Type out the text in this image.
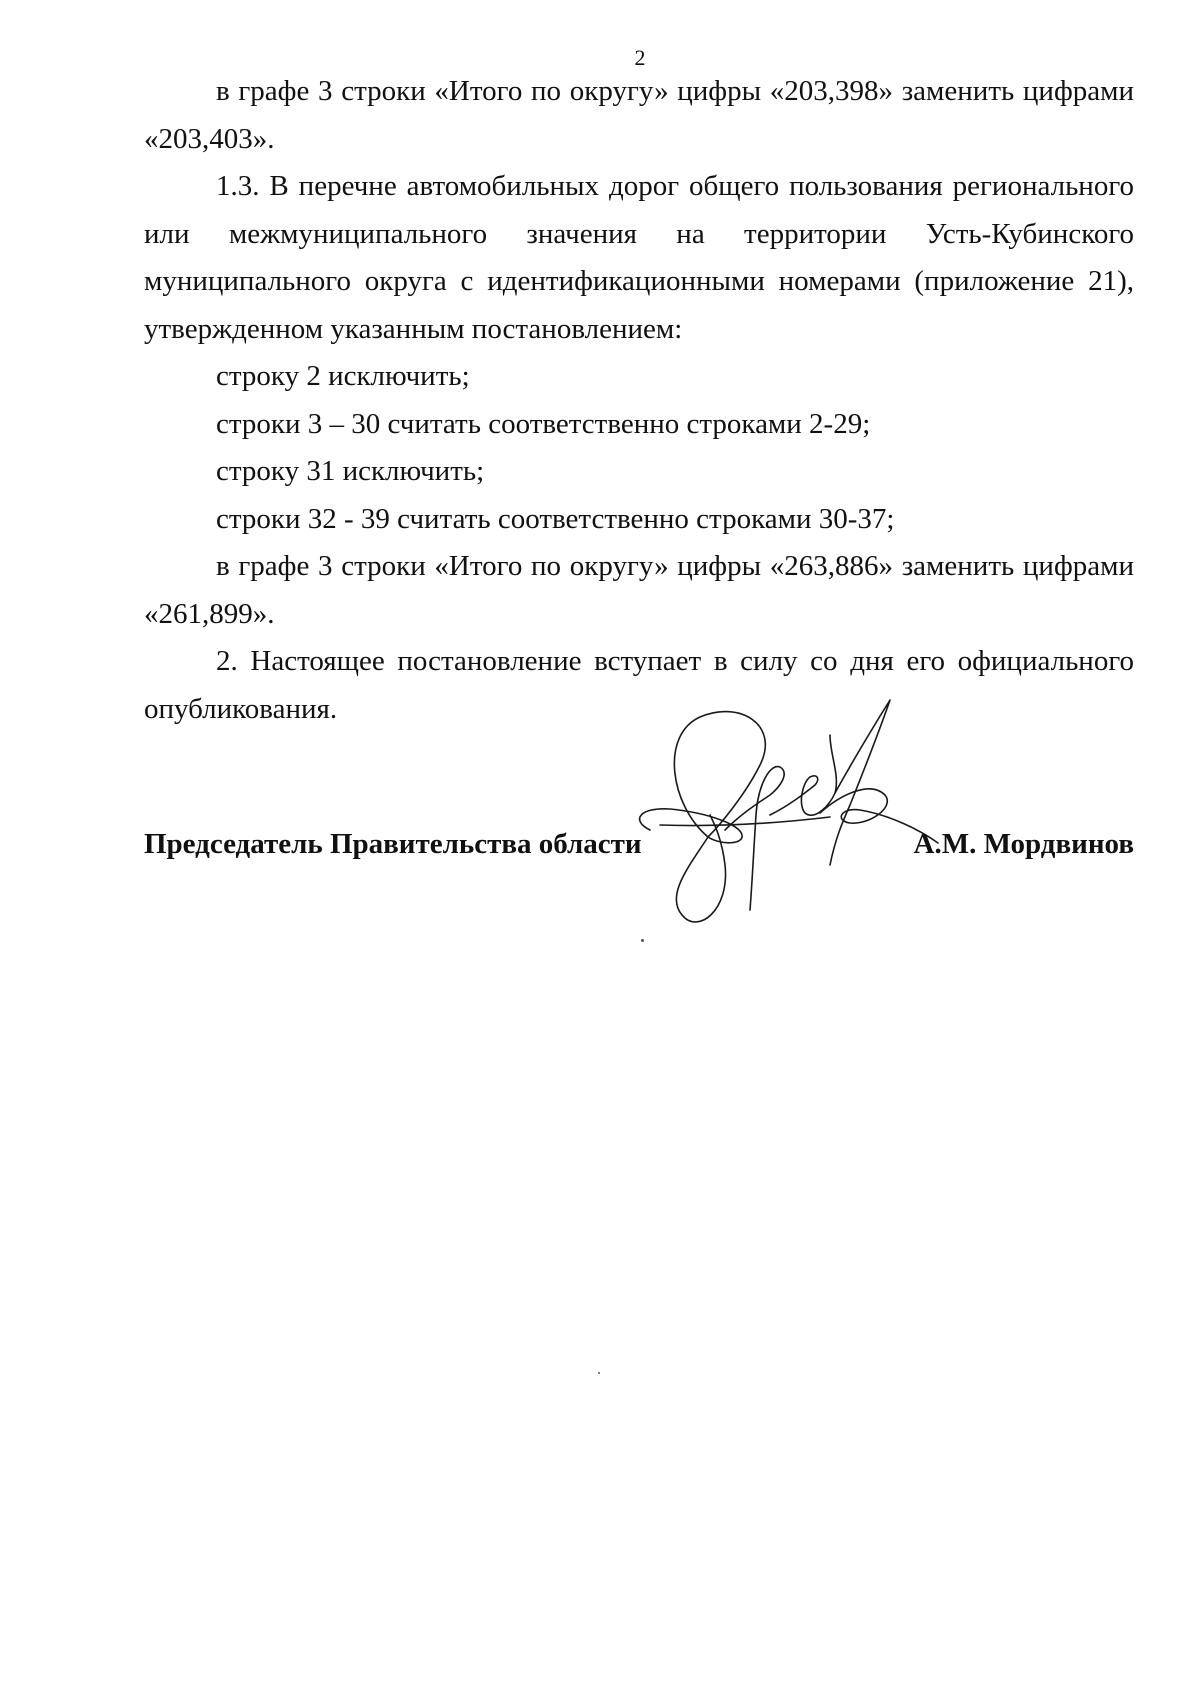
2

в графе 3 строки «Итого по округу» цифры «203,398» заменить цифрами «203,403».

1.3. В перечне автомобильных дорог общего пользования регионального или межмуниципального значения на территории Усть-Кубинского муниципального округа с идентификационными номерами (приложение 21), утвержденном указанным постановлением:

строку 2 исключить;

строки 3 – 30 считать соответственно строками 2-29;

строку 31 исключить;

строки 32 - 39 считать соответственно строками 30-37;

в графе 3 строки «Итого по округу» цифры «263,886» заменить цифрами «261,899».

2. Настоящее постановление вступает в силу со дня его официального опубликования.

Председатель Правительства области	А.М. Мордвинов
